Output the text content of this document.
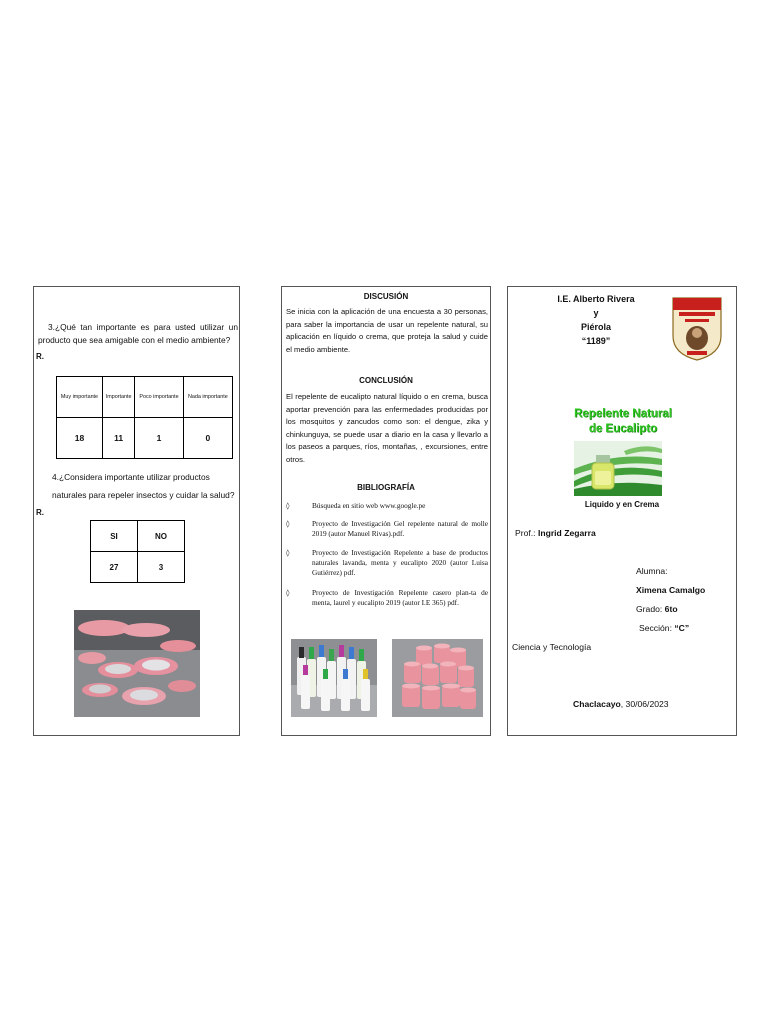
3.¿Qué tan importante es para usted utilizar un producto que sea amigable con el medio ambiente?
R.
Muy importante	Importante	Poco importante	Nada importante
18	11	1	0
4.¿Considera importante utilizar productos
naturales para repeler insectos y cuidar la salud?
R.
SI	NO
27	3
DISCUSIÓN
Se inicia con la aplicación de una encuesta a 30 personas, para saber la importancia de usar un repelente natural, su aplicación en líquido o crema, que proteja la salud y cuide el medio ambiente.
CONCLUSIÓN
El repelente de eucalipto natural líquido o en crema, busca aportar prevención para las enfermedades producidas por los mosquitos y zancudos como son: el dengue, zika y chinkunguya, se puede usar a diario en la casa y llevarlo a los paseos a parques, ríos, montañas, , excursiones, entre otros.
BIBLIOGRAFÍA
◊	Búsqueda en sitio web www.google.pe
◊	Proyecto de Investigación Gel repelente natural de molle 2019 (autor Manuel Rivas).pdf.
◊	Proyecto de Investigación Repelente a base de productos naturales lavanda, menta y eucalipto 2020 (autor Luisa Gutiérrez) pdf.
◊	Proyecto de Investigación Repelente casero plan-ta de menta, laurel y eucalipto 2019 (autor I.E 365) pdf.
I.E. Alberto Rivera
y
Piérola
“1189”
Repelente Natural
de Eucalipto
Liquido y en Crema
Prof.: Ingrid Zegarra
Alumna:
Ximena Camalgo
Grado: 6to
Sección: “C”
Ciencia y Tecnología
Chaclacayo, 30/06/2023
